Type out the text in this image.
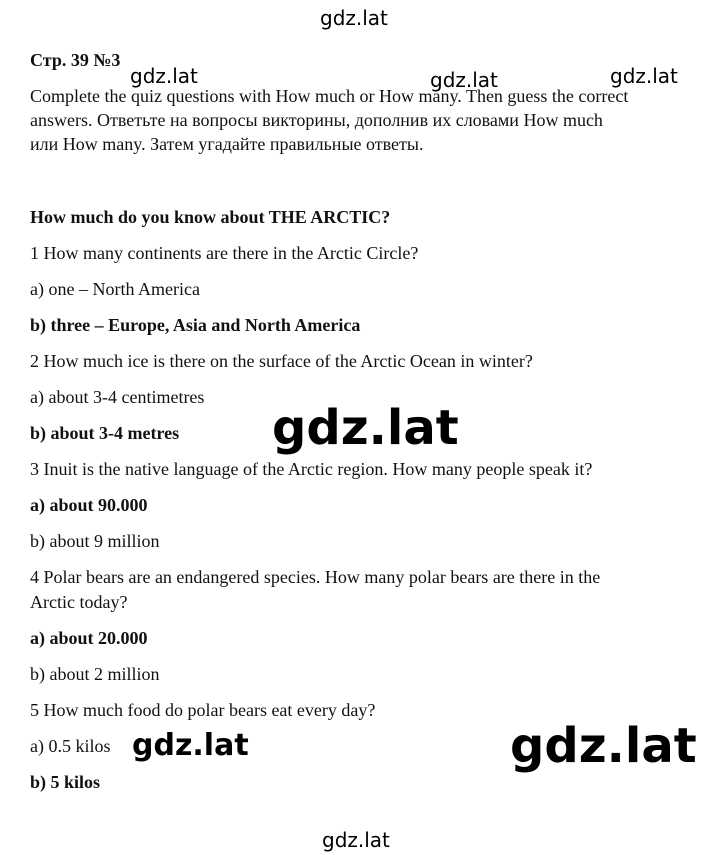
gdz.lat
gdz.lat	gdz.lat	gdz.lat
gdz.lat
gdz.lat	gdz.lat
gdz.lat
Стр. 39 №3
Complete the quiz questions with How much or How many. Then guess the correct
answers. Ответьте на вопросы викторины, дополнив их словами How much
или How many. Затем угадайте правильные ответы.
How much do you know about THE ARCTIC?
1 How many continents are there in the Arctic Circle?
a) one – North America
b) three – Europe, Asia and North America
2 How much ice is there on the surface of the Arctic Ocean in winter?
a) about 3-4 centimetres
b) about 3-4 metres
3 Inuit is the native language of the Arctic region. How many people speak it?
a) about 90.000
b) about 9 million
4 Polar bears are an endangered species. How many polar bears are there in the
Arctic today?
a) about 20.000
b) about 2 million
5 How much food do polar bears eat every day?
a) 0.5 kilos
b) 5 kilos
